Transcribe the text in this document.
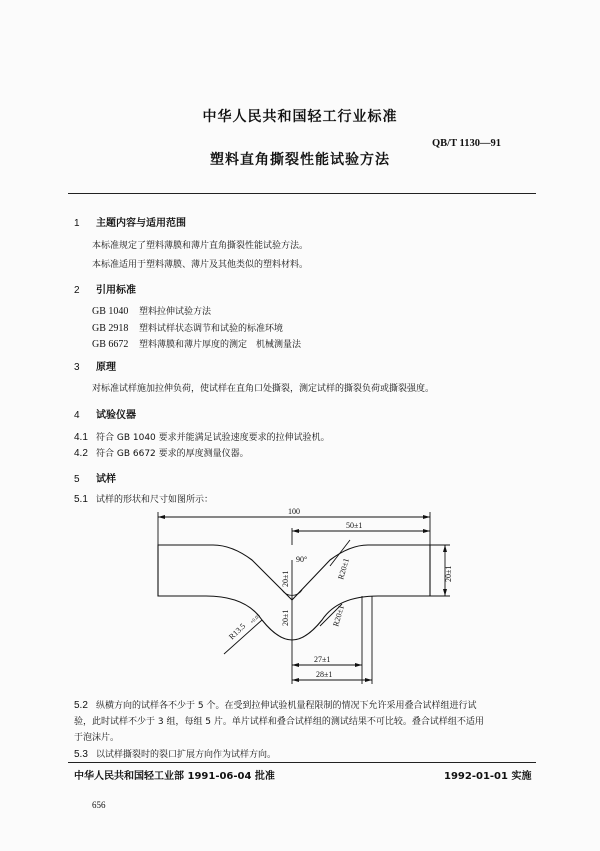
中华人民共和国轻工行业标准
QB/T 1130—91
塑料直角撕裂性能试验方法
1 主题内容与适用范围
本标准规定了塑料薄膜和薄片直角撕裂性能试验方法。
本标准适用于塑料薄膜、薄片及其他类似的塑料材料。
2 引用标准
GB 1040 塑料拉伸试验方法
GB 2918 塑料试样状态调节和试验的标准环境
GB 6672 塑料薄膜和薄片厚度的测定　机械测量法
3 原理
对标准试样施加拉伸负荷，使试样在直角口处撕裂，测定试样的撕裂负荷或撕裂强度。
4 试验仪器
4.1 符合 GB 1040 要求并能满足试验速度要求的拉伸试验机。
4.2 符合 GB 6672 要求的厚度测量仪器。
5 试样
5.1 试样的形状和尺寸如图所示：
100
50±1
90°
20±1
20±1
R20±1
R20±1
20±1
R13.5
+0.05
27±1
28±1
5.2 纵横方向的试样各不少于 5 个。在受到拉伸试验机量程限制的情况下允许采用叠合试样组进行试
验，此时试样不少于 3 组，每组 5 片。单片试样和叠合试样组的测试结果不可比较。叠合试样组不适用
于泡沫片。
5.3 以试样撕裂时的裂口扩展方向作为试样方向。
中华人民共和国轻工业部 1991-06-04 批准	1992-01-01 实施
656
